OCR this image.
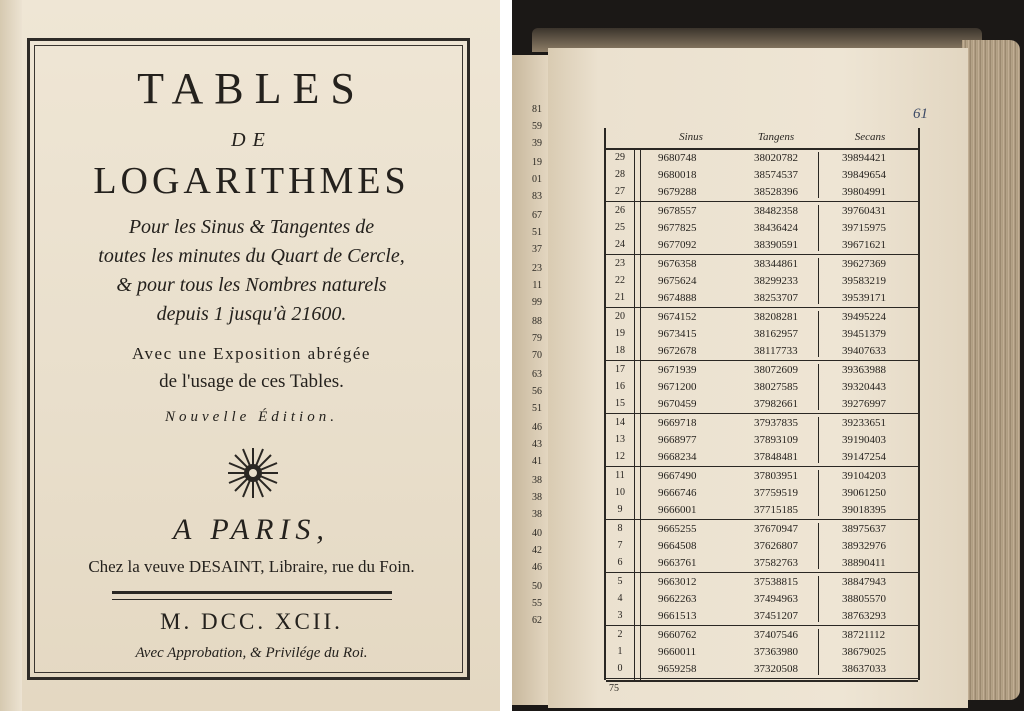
TABLES
DE
LOGARITHMES
Pour les Sinus & Tangentes de
toutes les minutes du Quart de Cercle,
& pour tous les Nombres naturels
depuis 1 jusqu'à 21600.
Avec une Exposition abrégée
de l'usage de ces Tables.
Nouvelle Édition.
A PARIS,
Chez la veuve DESAINT, Libraire, rue du Foin.
M. DCC. XCII.
Avec Approbation, & Privilége du Roi.
61
Sinus	Tangens	Secans
29	9680748	38020782	39894421
28	9680018	38574537	39849654
27	9679288	38528396	39804991
26	9678557	38482358	39760431
25	9677825	38436424	39715975
24	9677092	38390591	39671621
23	9676358	38344861	39627369
22	9675624	38299233	39583219
21	9674888	38253707	39539171
20	9674152	38208281	39495224
19	9673415	38162957	39451379
18	9672678	38117733	39407633
17	9671939	38072609	39363988
16	9671200	38027585	39320443
15	9670459	37982661	39276997
14	9669718	37937835	39233651
13	9668977	37893109	39190403
12	9668234	37848481	39147254
11	9667490	37803951	39104203
10	9666746	37759519	39061250
9	9666001	37715185	39018395
8	9665255	37670947	38975637
7	9664508	37626807	38932976
6	9663761	37582763	38890411
5	9663012	37538815	38847943
4	9662263	37494963	38805570
3	9661513	37451207	38763293
2	9660762	37407546	38721112
1	9660011	37363980	38679025
0	9659258	37320508	38637033
75
81
59
39
19
01
83
67
51
37
23
11
99
88
79
70
63
56
51
46
43
41
38
38
38
40
42
46
50
55
62
